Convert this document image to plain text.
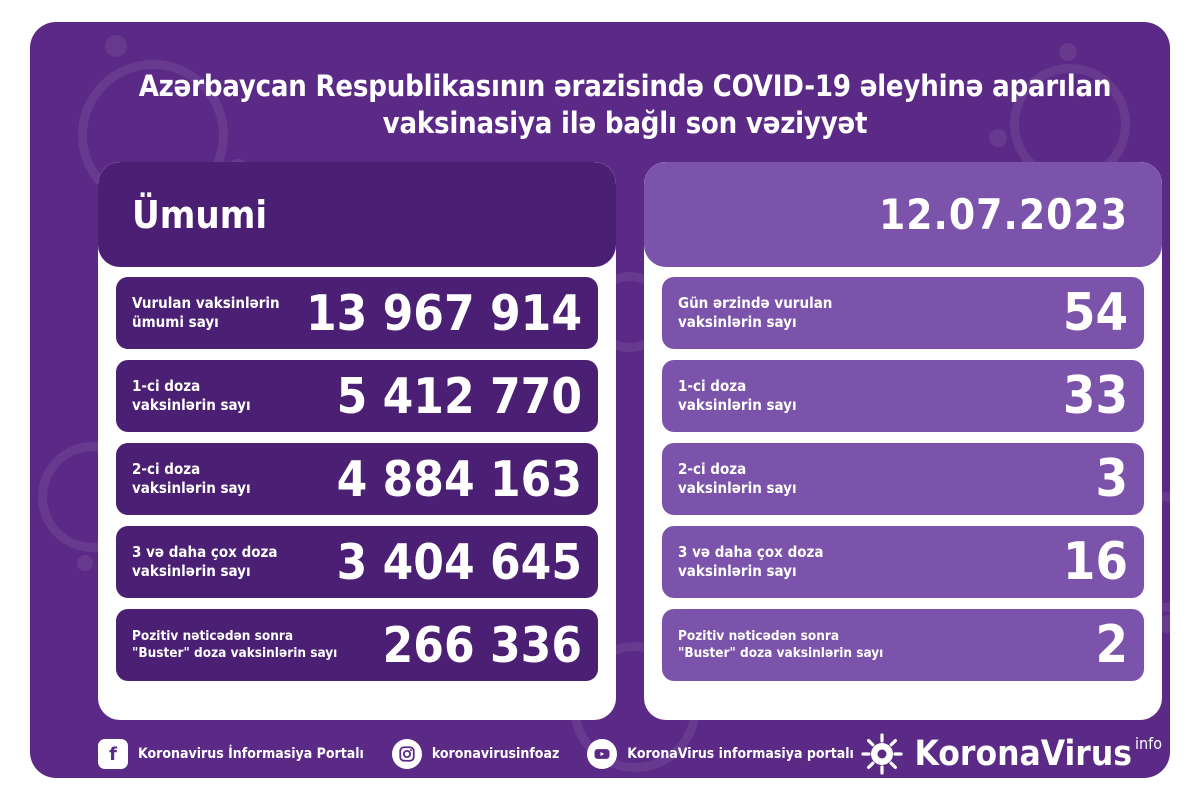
Azərbaycan Respublikasının ərazisində COVID-19 əleyhinə aparılan vaksinasiya ilə bağlı son vəziyyət
Ümumi
Vurulan vaksinlərin
ümumi sayı	13 967 914
1-ci doza
vaksinlərin sayı 5 412 770
2-ci doza
vaksinlərin sayı 4 884 163
3 və daha çox doza
vaksinlərin sayı	3 404 645
Pozitiv nəticədən sonra
"Buster" doza vaksinlərin sayı 266 336
12.07.2023
Gün ərzində vurulan
vaksinlərin sayı	54
1-ci doza
vaksinlərin sayı	33
2-ci doza
vaksinlərin sayı	3
3 və daha çox doza
vaksinlərin sayı	16
Pozitiv nəticədən sonra
"Buster" doza vaksinlərin sayı	2
f Koronavirus İnformasiya Portalı	koronavirusinfoaz	KoronaVirus informasiya portalı KoronaVirus info
